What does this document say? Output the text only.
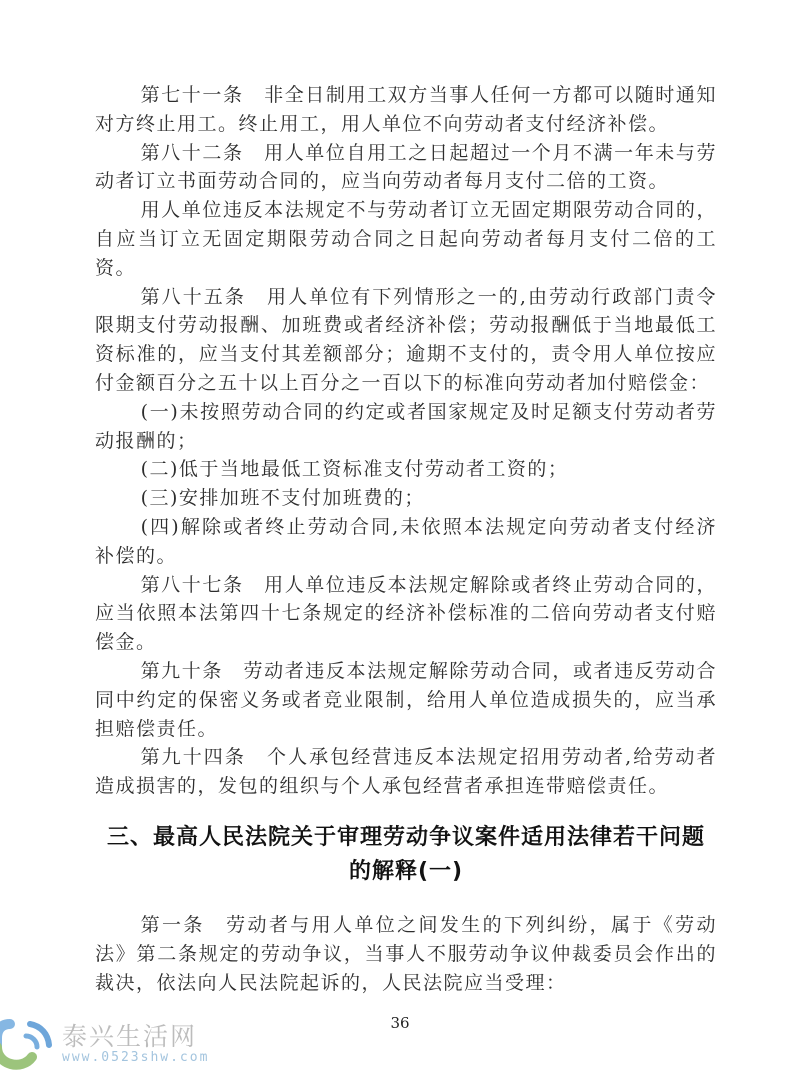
第七十一条　非全日制用工双方当事人任何一方都可以随时通知对方终止用工。终止用工，用人单位不向劳动者支付经济补偿。

第八十二条　用人单位自用工之日起超过一个月不满一年未与劳动者订立书面劳动合同的，应当向劳动者每月支付二倍的工资。

用人单位违反本法规定不与劳动者订立无固定期限劳动合同的，自应当订立无固定期限劳动合同之日起向劳动者每月支付二倍的工资。

第八十五条　用人单位有下列情形之一的,由劳动行政部门责令限期支付劳动报酬、加班费或者经济补偿；劳动报酬低于当地最低工资标准的，应当支付其差额部分；逾期不支付的，责令用人单位按应付金额百分之五十以上百分之一百以下的标准向劳动者加付赔偿金：

(一)未按照劳动合同的约定或者国家规定及时足额支付劳动者劳动报酬的；

(二)低于当地最低工资标准支付劳动者工资的；

(三)安排加班不支付加班费的；

(四)解除或者终止劳动合同,未依照本法规定向劳动者支付经济补偿的。

第八十七条　用人单位违反本法规定解除或者终止劳动合同的，应当依照本法第四十七条规定的经济补偿标准的二倍向劳动者支付赔偿金。

第九十条　劳动者违反本法规定解除劳动合同，或者违反劳动合同中约定的保密义务或者竞业限制，给用人单位造成损失的，应当承担赔偿责任。

第九十四条　个人承包经营违反本法规定招用劳动者,给劳动者造成损害的，发包的组织与个人承包经营者承担连带赔偿责任。

三、最高人民法院关于审理劳动争议案件适用法律若干问题的解释(一)

第一条　劳动者与用人单位之间发生的下列纠纷，属于《劳动法》第二条规定的劳动争议，当事人不服劳动争议仲裁委员会作出的裁决，依法向人民法院起诉的，人民法院应当受理：

36
泰兴生活网
www.0523shw.com
